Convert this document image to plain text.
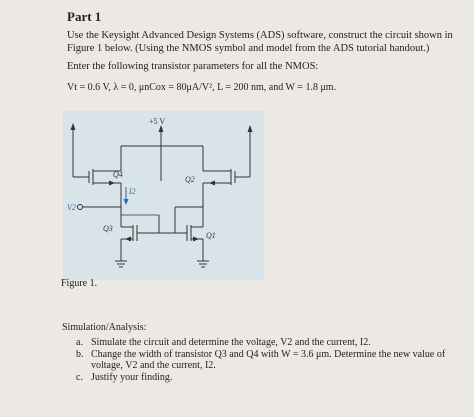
Part 1
Use the Keysight Advanced Design Systems (ADS) software, construct the circuit shown in Figure 1 below. (Using the NMOS symbol and model from the ADS tutorial handout.)
Enter the following transistor parameters for all the NMOS:
Vt = 0.6 V, λ = 0, μnCox = 80μA/V², L = 200 nm, and W = 1.8 μm.
+5 V
Q4
I2
V2
Q3
Q2
Q1
Figure 1.
Simulation/Analysis:
a. Simulate the circuit and determine the voltage, V2 and the current, I2.
b. Change the width of transistor Q3 and Q4 with W = 3.6 μm. Determine the new value of voltage, V2 and the current, I2.
c. Justify your finding.
